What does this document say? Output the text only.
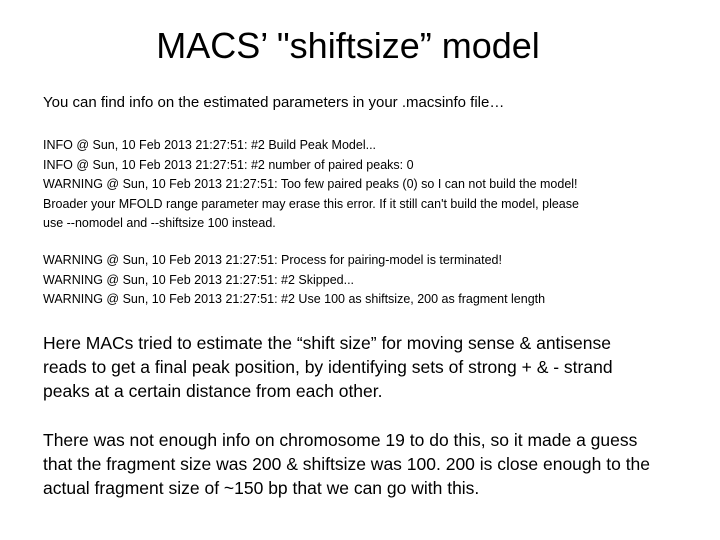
MACS’ "shiftsize” model
You can find info on the estimated parameters in your .macsinfo file…
INFO @ Sun, 10 Feb 2013 21:27:51: #2 Build Peak Model...
INFO @ Sun, 10 Feb 2013 21:27:51: #2 number of paired peaks: 0
WARNING @ Sun, 10 Feb 2013 21:27:51: Too few paired peaks (0) so I can not build the model!
Broader your MFOLD range parameter may erase this error. If it still can't build the model, please
use --nomodel and --shiftsize 100 instead.
WARNING @ Sun, 10 Feb 2013 21:27:51: Process for pairing-model is terminated!
WARNING @ Sun, 10 Feb 2013 21:27:51: #2 Skipped...
WARNING @ Sun, 10 Feb 2013 21:27:51: #2 Use 100 as shiftsize, 200 as fragment length
Here MACs tried to estimate the “shift size” for moving sense & antisense
reads to get a final peak position, by identifying sets of strong + & - strand
peaks at a certain distance from each other.
There was not enough info on chromosome 19 to do this, so it made a guess
that the fragment size was 200 & shiftsize was 100. 200 is close enough to the
actual fragment size of ~150 bp that we can go with this.
